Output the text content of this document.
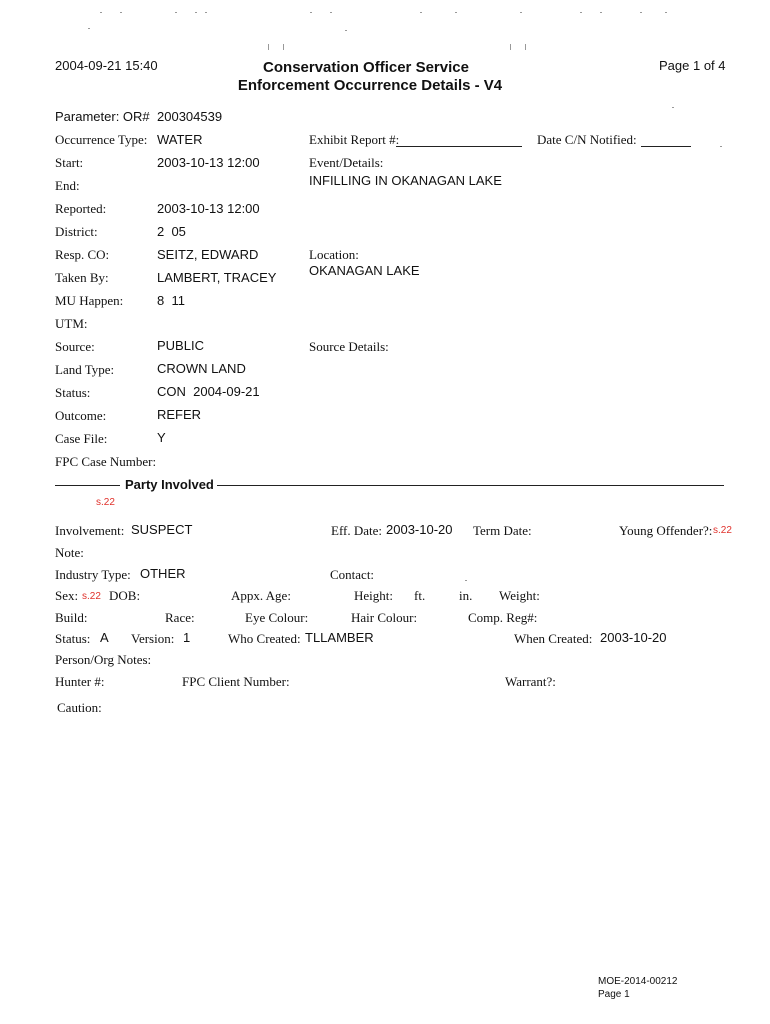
2004-09-21 15:40	Conservation Officer Service
Enforcement Occurrence Details - V4
Page 1 of 4
Parameter: OR# 200304539
Occurrence Type: WATER	Exhibit Report #:	Date C/N Notified:
Start:	2003-10-13 12:00	Event/Details:
INFILLING IN OKANAGAN LAKE
End:
Reported:	2003-10-13 12:00
District:	2  05
Resp. CO:	SEITZ, EDWARD	Location:
OKANAGAN LAKE
Taken By:	LAMBERT, TRACEY
MU Happen:	8  11
UTM:
Source:	PUBLIC	Source Details:
Land Type:	CROWN LAND
Status:	CON  2004-09-21
Outcome:	REFER
Case File:	Y
FPC Case Number:
Party Involved
s.22
Involvement: SUSPECT	Eff. Date: 2003-10-20 Term Date:	Young Offender?: s.22
Note:
Industry Type: OTHER	Contact:
Sex: s.22 DOB:	Appx. Age:	Height: ft.	in. Weight:
Build:	Race:	Eye Colour:	Hair Colour:	Comp. Reg#:
Status: A Version: 1	Who Created: TLLAMBER	When Created: 2003-10-20
Person/Org Notes:
Hunter #:	FPC Client Number:	Warrant?:
Caution:
MOE-2014-00212
Page 1
